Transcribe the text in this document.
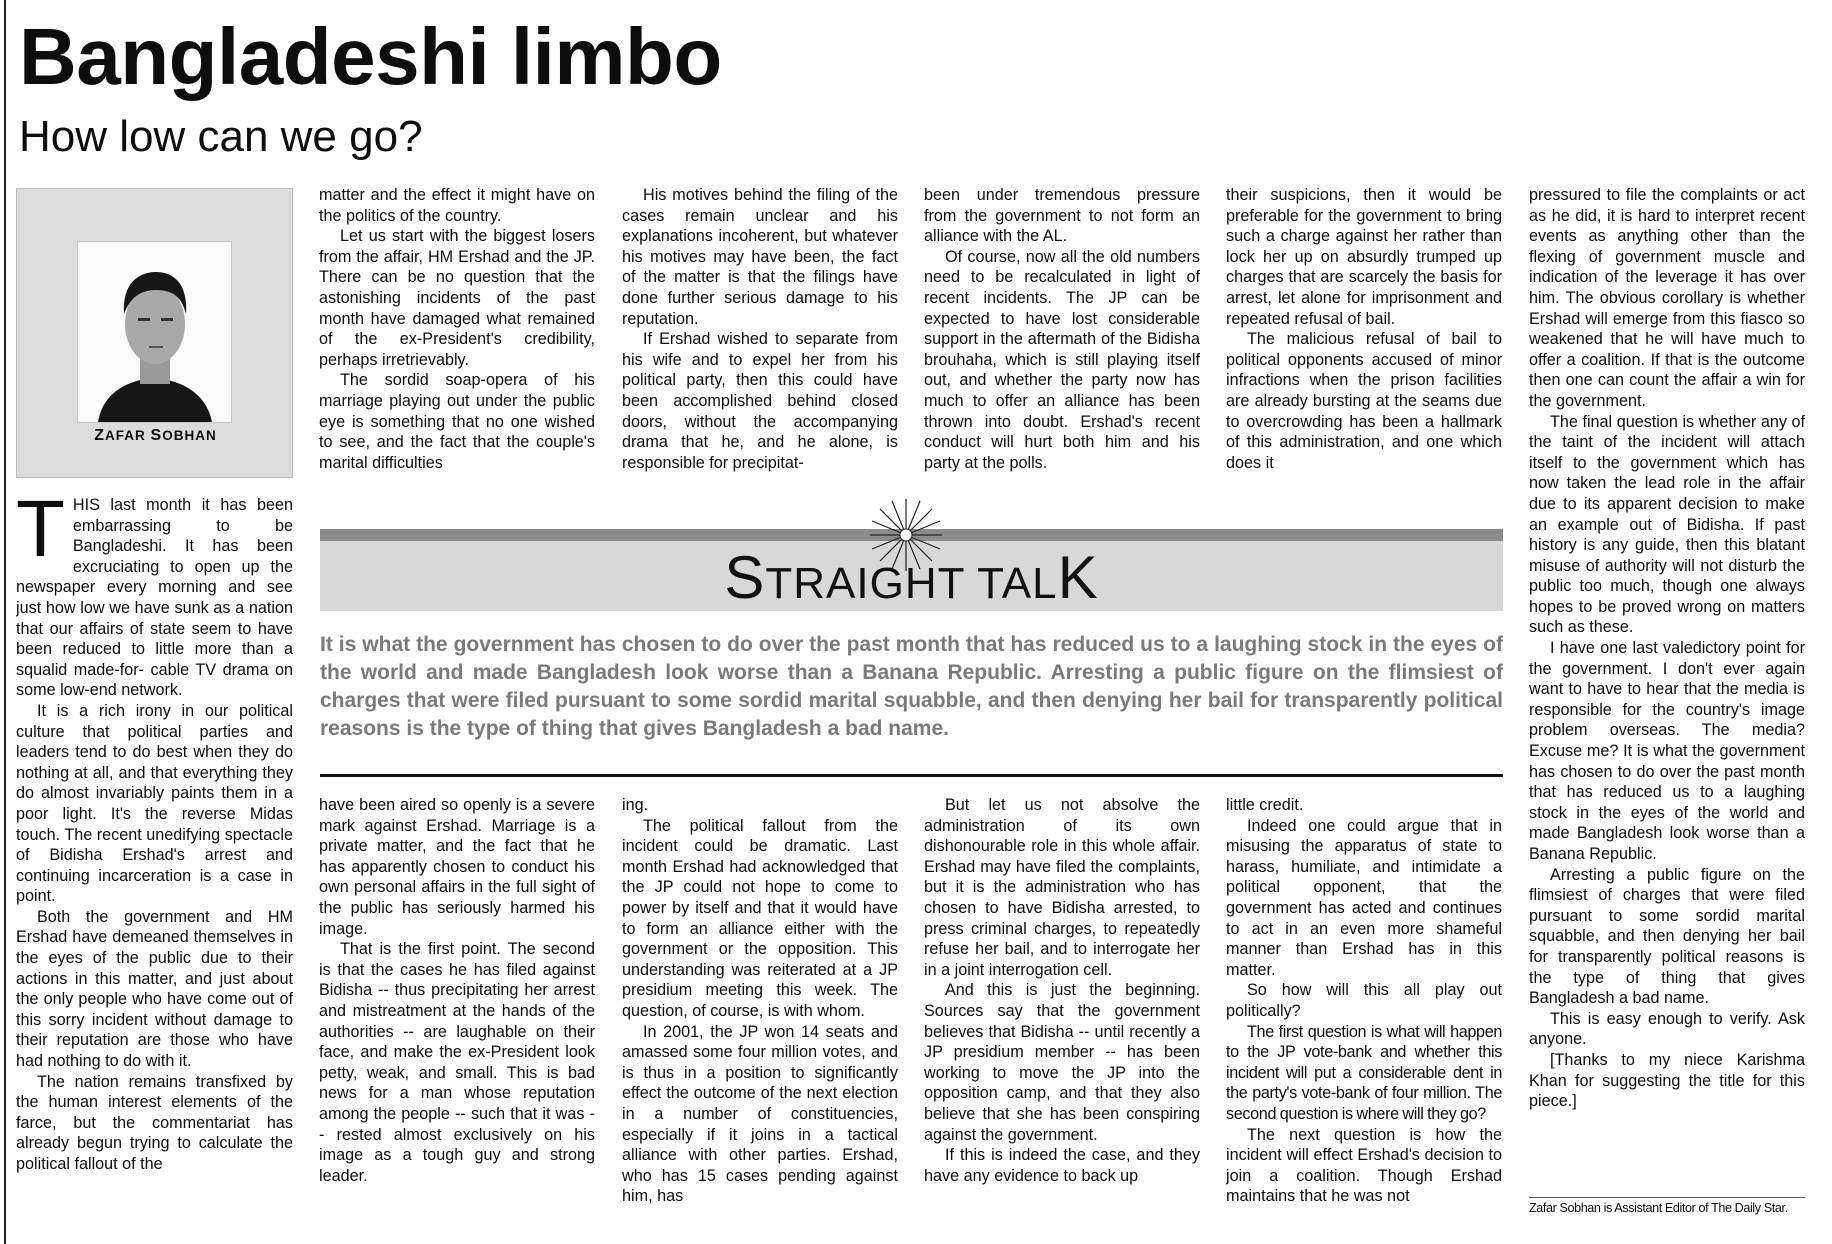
Bangladeshi limbo
How low can we go?
ZAFAR SOBHAN
T HIS last month it has been embarrassing to be Bangladeshi. It has been excruciating to open up the newspaper every morning and see just how low we have sunk as a nation that our affairs of state seem to have been reduced to little more than a squalid made-for- cable TV drama on some low-end network.

It is a rich irony in our political culture that political parties and leaders tend to do best when they do nothing at all, and that everything they do almost invariably paints them in a poor light. It's the reverse Midas touch. The recent unedifying spectacle of Bidisha Ershad's arrest and continuing incarceration is a case in point.

Both the government and HM Ershad have demeaned themselves in the eyes of the public due to their actions in this matter, and just about the only people who have come out of this sorry incident without damage to their reputation are those who have had nothing to do with it.

The nation remains transfixed by the human interest elements of the farce, but the commentariat has already begun trying to calculate the political fallout of the

matter and the effect it might have on the politics of the country.

Let us start with the biggest losers from the affair, HM Ershad and the JP. There can be no question that the astonishing incidents of the past month have damaged what remained of the ex-President's credibility, perhaps irretrievably.

The sordid soap-opera of his marriage playing out under the public eye is something that no one wished to see, and the fact that the couple's marital difficulties

His motives behind the filing of the cases remain unclear and his explanations incoherent, but whatever his motives may have been, the fact of the matter is that the filings have done further serious damage to his reputation.

If Ershad wished to separate from his wife and to expel her from his political party, then this could have been accomplished behind closed doors, without the accompanying drama that he, and he alone, is responsible for precipitat-

been under tremendous pressure from the government to not form an alliance with the AL.

Of course, now all the old numbers need to be recalculated in light of recent incidents. The JP can be expected to have lost considerable support in the aftermath of the Bidisha brouhaha, which is still playing itself out, and whether the party now has much to offer an alliance has been thrown into doubt. Ershad's recent conduct will hurt both him and his party at the polls.

their suspicions, then it would be preferable for the government to bring such a charge against her rather than lock her up on absurdly trumped up charges that are scarcely the basis for arrest, let alone for imprisonment and repeated refusal of bail.

The malicious refusal of bail to political opponents accused of minor infractions when the prison facilities are already bursting at the seams due to overcrowding has been a hallmark of this administration, and one which does it

STRAIGHT TALK

It is what the government has chosen to do over the past month that has reduced us to a laughing stock in the eyes of the world and made Bangladesh look worse than a Banana Republic. Arresting a public figure on the flimsiest of charges that were filed pursuant to some sordid marital squabble, and then denying her bail for transparently political reasons is the type of thing that gives Bangladesh a bad name.

have been aired so openly is a severe mark against Ershad. Marriage is a private matter, and the fact that he has apparently chosen to conduct his own personal affairs in the full sight of the public has seriously harmed his image.

That is the first point. The second is that the cases he has filed against Bidisha -- thus precipitating her arrest and mistreatment at the hands of the authorities -- are laughable on their face, and make the ex-President look petty, weak, and small. This is bad news for a man whose reputation among the people -- such that it was -- rested almost exclusively on his image as a tough guy and strong leader.

ing.

The political fallout from the incident could be dramatic. Last month Ershad had acknowledged that the JP could not hope to come to power by itself and that it would have to form an alliance either with the government or the opposition. This understanding was reiterated at a JP presidium meeting this week. The question, of course, is with whom.

In 2001, the JP won 14 seats and amassed some four million votes, and is thus in a position to significantly effect the outcome of the next election in a number of constituencies, especially if it joins in a tactical alliance with other parties. Ershad, who has 15 cases pending against him, has

But let us not absolve the administration of its own dishonourable role in this whole affair. Ershad may have filed the complaints, but it is the administration who has chosen to have Bidisha arrested, to press criminal charges, to repeatedly refuse her bail, and to interrogate her in a joint interrogation cell.

And this is just the beginning. Sources say that the government believes that Bidisha -- until recently a JP presidium member -- has been working to move the JP into the opposition camp, and that they also believe that she has been conspiring against the government.

If this is indeed the case, and they have any evidence to back up

little credit.

Indeed one could argue that in misusing the apparatus of state to harass, humiliate, and intimidate a political opponent, that the government has acted and continues to act in an even more shameful manner than Ershad has in this matter.

So how will this all play out politically?

The first question is what will happen to the JP vote-bank and whether this incident will put a considerable dent in the party's vote-bank of four million. The second question is where will they go?

The next question is how the incident will effect Ershad's decision to join a coalition. Though Ershad maintains that he was not

pressured to file the complaints or act as he did, it is hard to interpret recent events as anything other than the flexing of government muscle and indication of the leverage it has over him. The obvious corollary is whether Ershad will emerge from this fiasco so weakened that he will have much to offer a coalition. If that is the outcome then one can count the affair a win for the government.

The final question is whether any of the taint of the incident will attach itself to the government which has now taken the lead role in the affair due to its apparent decision to make an example out of Bidisha. If past history is any guide, then this blatant misuse of authority will not disturb the public too much, though one always hopes to be proved wrong on matters such as these.

I have one last valedictory point for the government. I don't ever again want to have to hear that the media is responsible for the country's image problem overseas. The media? Excuse me? It is what the government has chosen to do over the past month that has reduced us to a laughing stock in the eyes of the world and made Bangladesh look worse than a Banana Republic.

Arresting a public figure on the flimsiest of charges that were filed pursuant to some sordid marital squabble, and then denying her bail for transparently political reasons is the type of thing that gives Bangladesh a bad name.

This is easy enough to verify. Ask anyone.

[Thanks to my niece Karishma Khan for suggesting the title for this piece.]

Zafar Sobhan is Assistant Editor of The Daily Star.
